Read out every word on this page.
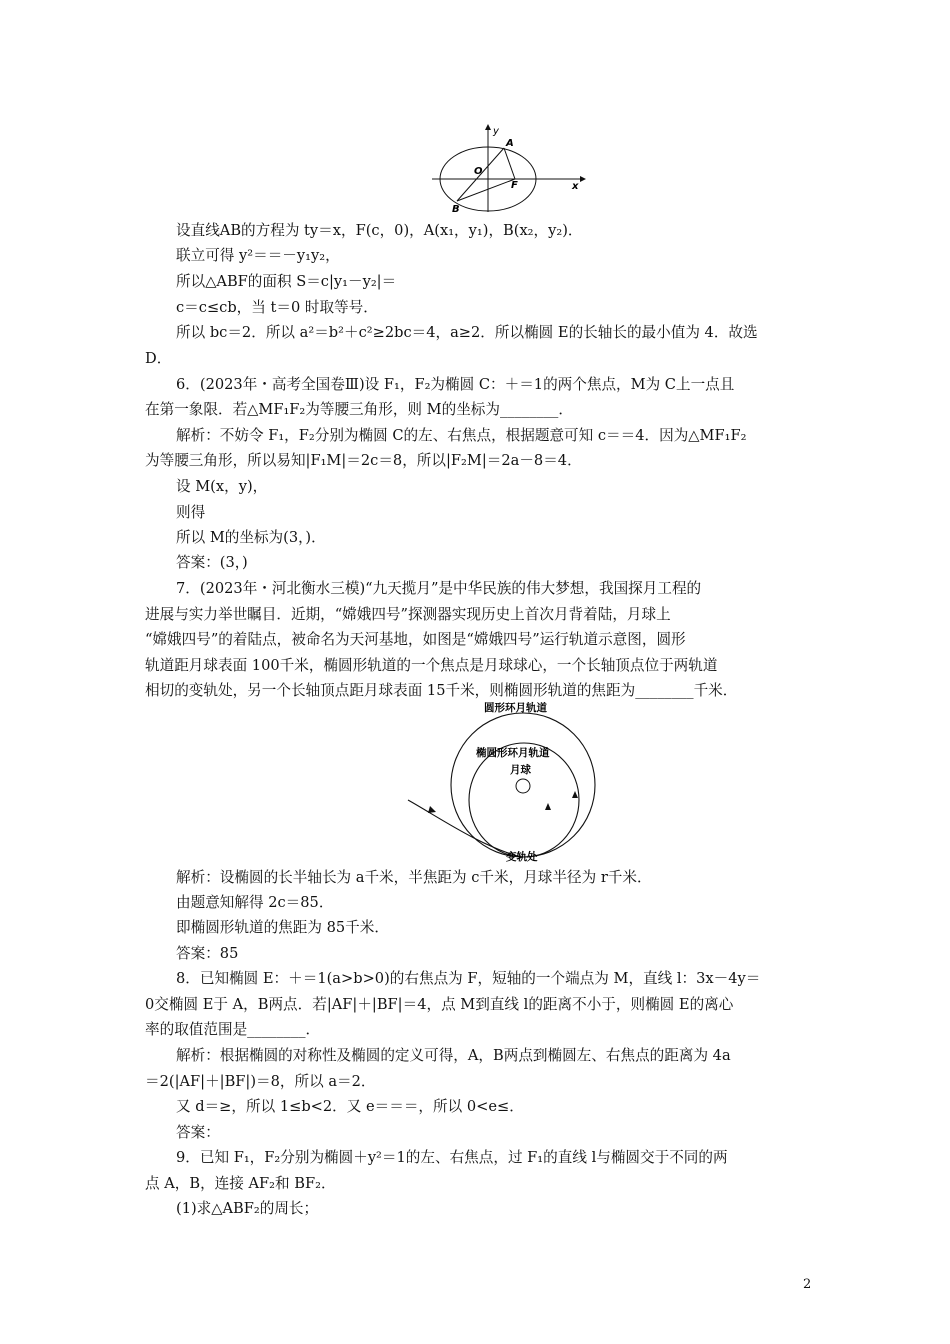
y
A
O
F	x
B
设直线AB的方程为 ty＝x，F(c，0)，A(x₁，y₁)，B(x₂，y₂)．
联立可得 y²＝＝－y₁y₂，
所以△ABF的面积 S＝c|y₁－y₂|＝
c＝c≤cb，当 t＝0 时取等号．
所以 bc＝2．所以 a²＝b²＋c²≥2bc＝4，a≥2．所以椭圆 E的长轴长的最小值为 4．故选
D．
6．(2023年・高考全国卷Ⅲ)设 F₁，F₂为椭圆 C：＋＝1的两个焦点，M为 C上一点且
在第一象限．若△MF₁F₂为等腰三角形，则 M的坐标为________．
解析：不妨令 F₁，F₂分别为椭圆 C的左、右焦点，根据题意可知 c＝＝4．因为△MF₁F₂
为等腰三角形，所以易知|F₁M|＝2c＝8，所以|F₂M|＝2a－8＝4．
设 M(x，y)，
则得
所以 M的坐标为(3，)．
答案：(3，)
7．(2023年・河北衡水三模)“九天揽月”是中华民族的伟大梦想，我国探月工程的
进展与实力举世瞩目．近期，“嫦娥四号”探测器实现历史上首次月背着陆，月球上
“嫦娥四号”的着陆点，被命名为天河基地，如图是“嫦娥四号”运行轨道示意图，圆形
轨道距月球表面 100千米，椭圆形轨道的一个焦点是月球球心，一个长轴顶点位于两轨道
相切的变轨处，另一个长轴顶点距月球表面 15千米，则椭圆形轨道的焦距为________千米．
圆形环月轨道
椭圆形环月轨道
月球
变轨处
解析：设椭圆的长半轴长为 a千米，半焦距为 c千米，月球半径为 r千米．
由题意知解得 2c＝85．
即椭圆形轨道的焦距为 85千米．
答案：85
8．已知椭圆 E：＋＝1(a>b>0)的右焦点为 F，短轴的一个端点为 M，直线 l：3x－4y＝
0交椭圆 E于 A，B两点．若|AF|＋|BF|＝4，点 M到直线 l的距离不小于，则椭圆 E的离心
率的取值范围是________．
解析：根据椭圆的对称性及椭圆的定义可得，A，B两点到椭圆左、右焦点的距离为 4a
＝2(|AF|＋|BF|)＝8，所以 a＝2．
又 d＝≥，所以 1≤b<2．又 e＝＝＝，所以 0<e≤．
答案：
9．已知 F₁，F₂分别为椭圆＋y²＝1的左、右焦点，过 F₁的直线 l与椭圆交于不同的两
点 A，B，连接 AF₂和 BF₂．
(1)求△ABF₂的周长；
2
